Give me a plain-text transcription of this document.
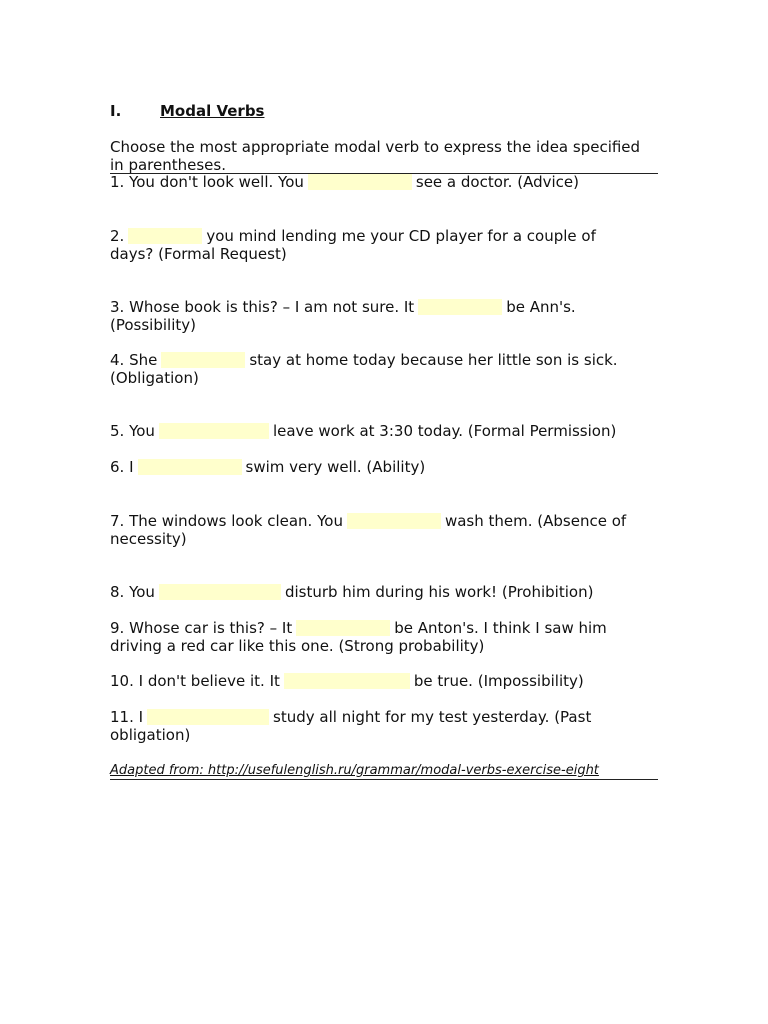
I.	Modal Verbs
Choose the most appropriate modal verb to express the idea specified in parentheses.
1. You don't look well. You	see a doctor. (Advice)
2.	you mind lending me your CD player for a couple of days? (Formal Request)
3. Whose book is this? – I am not sure. It	be Ann's. (Possibility)
4. She	stay at home today because her little son is sick. (Obligation)
5. You	leave work at 3:30 today. (Formal Permission)
6. I	swim very well. (Ability)
7. The windows look clean. You	wash them. (Absence of necessity)
8. You	disturb him during his work! (Prohibition)
9. Whose car is this? – It	be Anton's. I think I saw him driving a red car like this one. (Strong probability)
10. I don't believe it. It	be true. (Impossibility)
11. I	study all night for my test yesterday. (Past obligation)
Adapted from: http://usefulenglish.ru/grammar/modal-verbs-exercise-eight
